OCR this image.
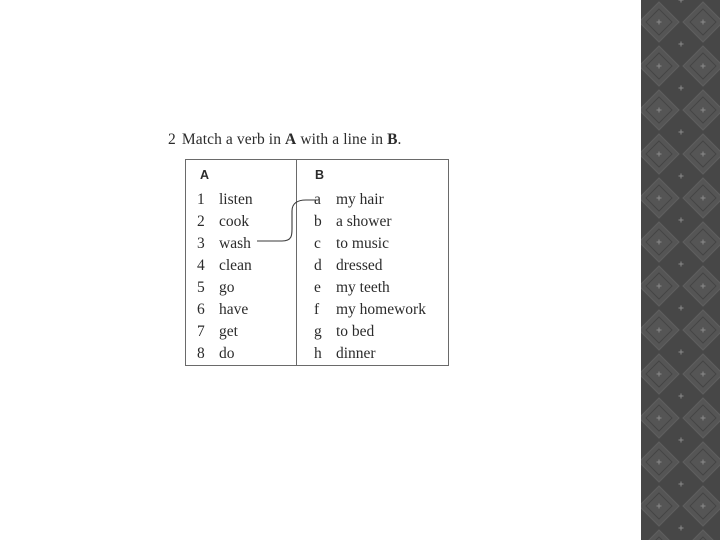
2 Match a verb in A with a line in B.
A	B
1 listen
2 cook
3 wash
4 clean
5 go
6 have
7 get
8 do
a my hair
b a shower
c to music
d dressed
e my teeth
f my homework
g to bed
h dinner
